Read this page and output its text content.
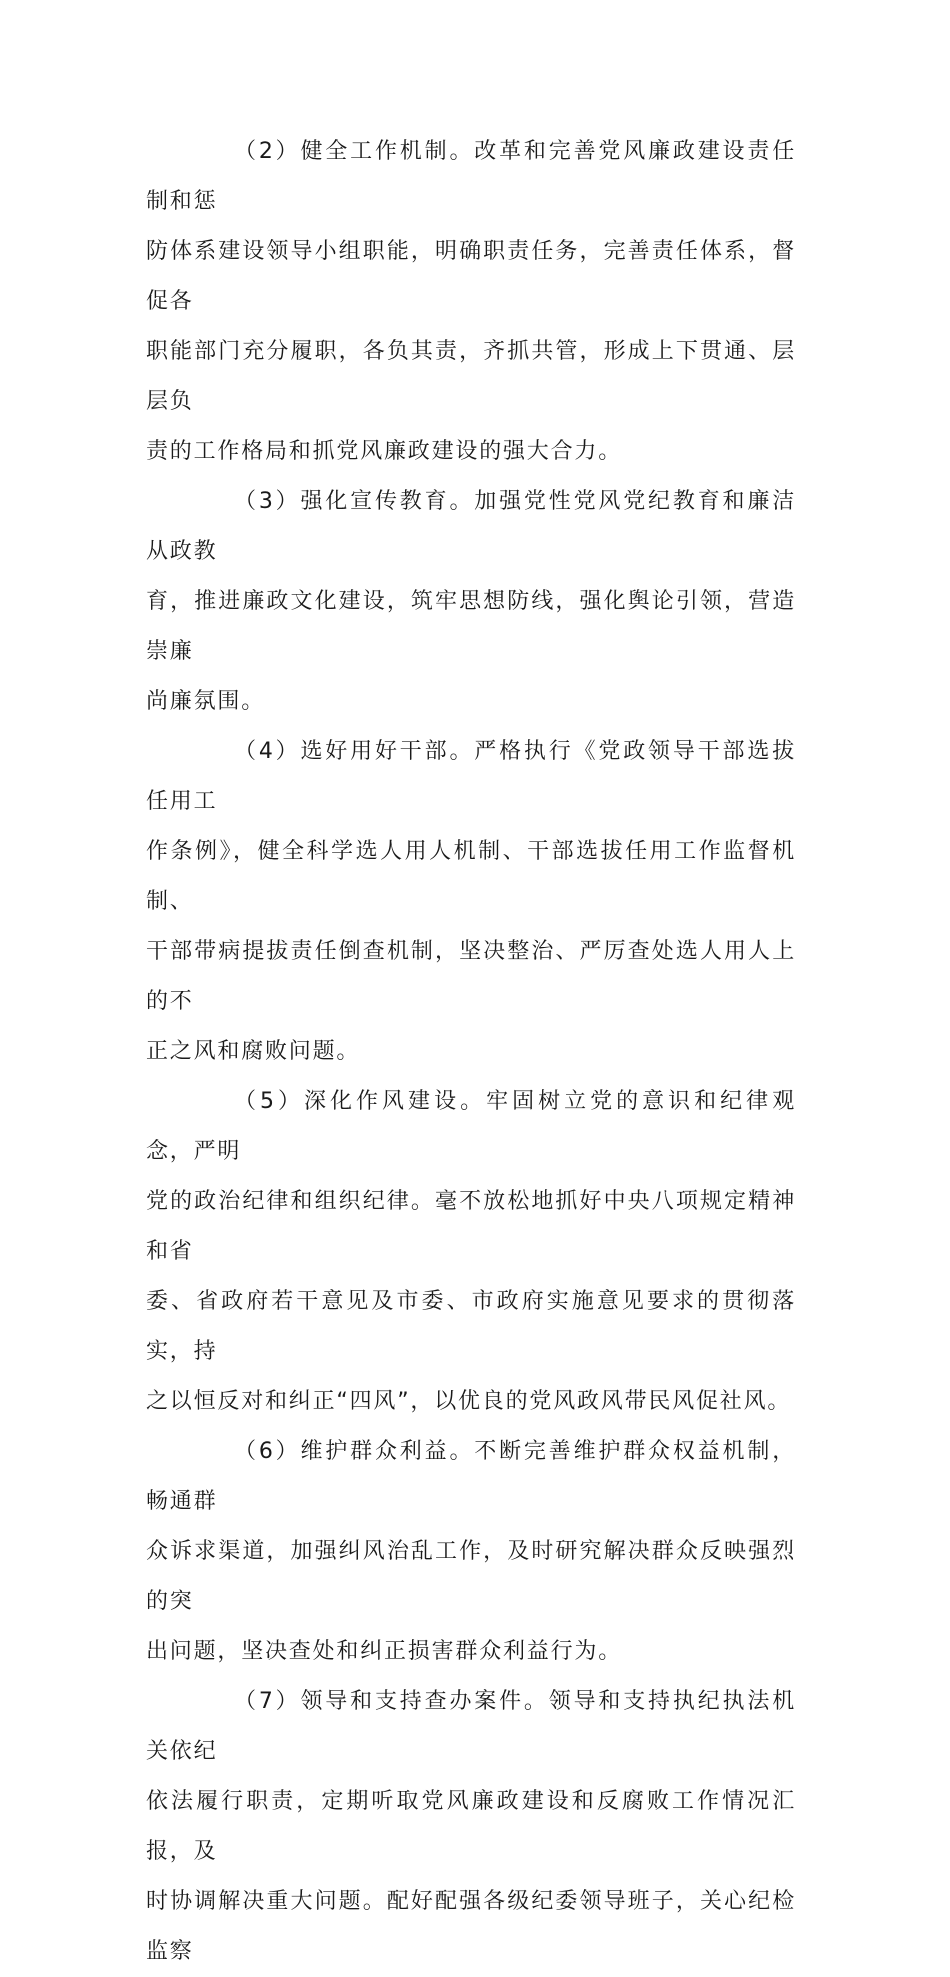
（2）健全工作机制。改革和完善党风廉政建设责任制和惩
防体系建设领导小组职能，明确职责任务，完善责任体系，督促各
职能部门充分履职，各负其责，齐抓共管，形成上下贯通、层层负
责的工作格局和抓党风廉政建设的强大合力。

（3）强化宣传教育。加强党性党风党纪教育和廉洁从政教
育，推进廉政文化建设，筑牢思想防线，强化舆论引领，营造崇廉
尚廉氛围。

（4）选好用好干部。严格执行《党政领导干部选拔任用工
作条例》，健全科学选人用人机制、干部选拔任用工作监督机制、
干部带病提拔责任倒查机制，坚决整治、严厉查处选人用人上的不
正之风和腐败问题。

（5）深化作风建设。牢固树立党的意识和纪律观念，严明
党的政治纪律和组织纪律。毫不放松地抓好中央八项规定精神和省
委、省政府若干意见及市委、市政府实施意见要求的贯彻落实，持
之以恒反对和纠正“四风”，以优良的党风政风带民风促社风。

（6）维护群众利益。不断完善维护群众权益机制，畅通群
众诉求渠道，加强纠风治乱工作，及时研究解决群众反映强烈的突
出问题，坚决查处和纠正损害群众利益行为。

（7）领导和支持查办案件。领导和支持执纪执法机关依纪
依法履行职责，定期听取党风廉政建设和反腐败工作情况汇报，及
时协调解决重大问题。配好配强各级纪委领导班子，关心纪检监察
